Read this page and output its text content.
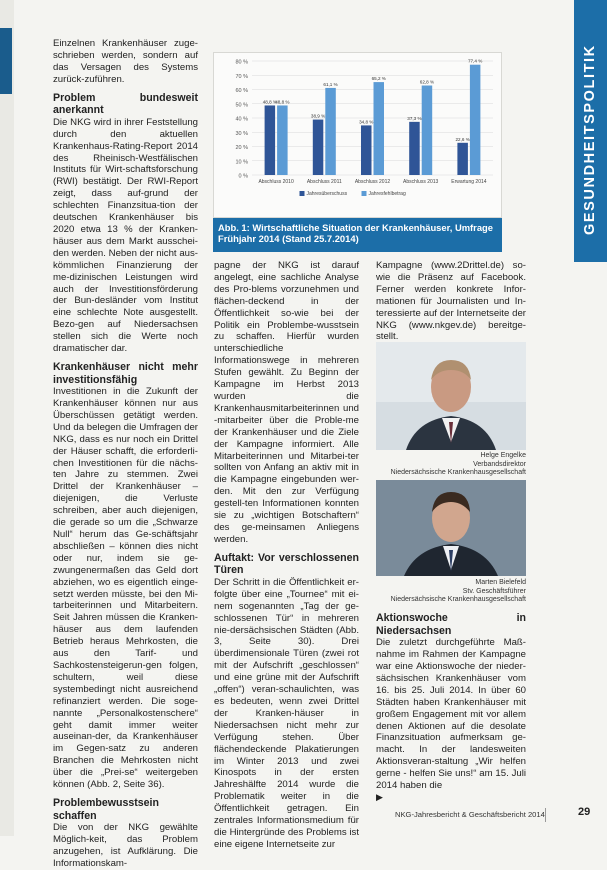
GESUNDHEITSPOLITIK

Einzelnen Krankenhäuser zuge-schrieben werden, sondern auf das Versagen des Systems zurück-zuführen.

Problem bundesweit anerkannt

Die NKG wird in ihrer Feststellung durch den aktuellen Krankenhaus-Rating-Report 2014 des Rheinisch-Westfälischen Instituts für Wirt-schaftsforschung (RWI) bestätigt. Der RWI-Report zeigt, dass auf-grund der schlechten Finanzsitua-tion der deutschen Krankenhäuser bis 2020 etwa 13 % der Kranken-häuser aus dem Markt ausschei-den werden. Neben der nicht aus-kömmlichen Finanzierung der me-dizinischen Leistungen wird auch der Investitionsförderung der Bun-desländer vom Institut eine schlechte Note ausgestellt. Bezo-gen auf Niedersachsen stellen sich die Werte noch dramatischer dar.

Krankenhäuser nicht mehr investitionsfähig

Investitionen in die Zukunft der Krankenhäuser können nur aus Überschüssen getätigt werden. Und da belegen die Umfragen der NKG, dass es nur noch ein Drittel der Häuser schafft, die erforderli-chen Investitionen für die nächs-ten Jahre zu stemmen. Zwei Drittel der Krankenhäuser – diejenigen, die Verluste schreiben, aber auch diejenigen, die gerade so um die „Schwarze Null“ herum das Ge-schäftsjahr abschließen – können dies nicht oder nur, indem sie ge-zwungenermaßen das Geld dort abziehen, wo es eigentlich einge-setzt werden müsste, bei den Mi-tarbeiterinnen und Mitarbeitern. Seit Jahren müssen die Kranken-häuser aus dem laufenden Betrieb heraus Mehrkosten, die aus den Tarif- und Sachkostensteigerun-gen folgen, schultern, weil diese systembedingt nicht ausreichend refinanziert werden. Die soge-nannte „Personalkostenschere“ geht damit immer weiter auseinan-der, da Krankenhäuser im Gegen-satz zu anderen Branchen die Mehrkosten nicht über die „Prei-se“ weitergeben können (Abb. 2, Seite 36).

Problembewusstsein schaffen

Die von der NKG gewählte Möglich-keit, das Problem anzugehen, ist Aufklärung. Die Informationskam-

0 %
10 %
20 %
30 %
40 %
50 %
60 %
70 %
80 %
48,8 %
48,8 %
Abschluss 2010
38,9 %
61,1 %
Abschluss 2011
34,8 %
65,2 %
Abschluss 2012
37,3 %
62,8 %
Abschluss 2013
22,6 %
77,4 %
Erwartung 2014
Jahresüberschuss	Jahresfehlbetrag
Abb. 1: Wirtschaftliche Situation der Krankenhäuser, Umfrage Frühjahr 2014 (Stand 25.7.2014)

pagne der NKG ist darauf angelegt, eine sachliche Analyse des Pro-blems vorzunehmen und flächen-deckend in der Öffentlichkeit so-wie bei der Politik ein Problembe-wusstsein zu schaffen. Hierfür wurden unterschiedliche Informationswege in mehreren Stufen gewählt. Zu Beginn der Kampagne im Herbst 2013 wurden die Krankenhausmitarbeiterinnen und -mitarbeiter über die Proble-me der Krankenhäuser und die Ziele der Kampagne informiert. Alle Mitarbeiterinnen und Mitarbei-ter sollten von Anfang an aktiv mit in die Kampagne eingebunden wer-den. Mit den zur Verfügung gestell-ten Informationen konnten sie zu „wichtigen Botschaftern“ des ge-meinsamen Anliegens werden.

Auftakt: Vor verschlossenen Türen

Der Schritt in die Öffentlichkeit er-folgte über eine „Tournee“ mit ei-nem sogenannten „Tag der ge-schlossenen Tür“ in mehreren nie-dersächsischen Städten (Abb. 3, Seite 30). Drei überdimensionale Türen (zwei rot mit der Aufschrift „geschlossen“ und eine grüne mit der Aufschrift „offen“) veran-schaulichten, was es bedeuten, wenn zwei Drittel der Kranken-häuser in Niedersachsen nicht mehr zur Verfügung stehen. Über flächendeckende Plakatierungen im Winter 2013 und zwei Kinospots in der ersten Jahreshälfte 2014 wurde die Problematik weiter in die Öffentlichkeit getragen. Ein zentrales Informationsmedium für die Hintergründe des Problems ist eine eigene Internetseite zur

Kampagne (www.2Drittel.de) so-wie die Präsenz auf Facebook. Ferner werden konkrete Infor-mationen für Journalisten und In-teressierte auf der Internetseite der NKG (www.nkgev.de) bereitge-stellt.

Helge Engelke
Verbandsdirektor
Niedersächsische Krankenhausgesellschaft
Marten Bielefeld
Stv. Geschäftsführer
Niedersächsische Krankenhausgesellschaft
Aktionswoche in Niedersachsen

Die zuletzt durchgeführte Maß-nahme im Rahmen der Kampagne war eine Aktionswoche der nieder-sächsischen Krankenhäuser vom 16. bis 25. Juli 2014. In über 60 Städten haben Krankenhäuser mit großem Engagement mit vor allem denen Aktionen auf die desolate Finanzsituation aufmerksam ge-macht. In der landesweiten Aktionsveran-staltung „Wir helfen gerne - helfen Sie uns!“ am 15. Juli 2014 haben die

▶
NKG-Jahresbericht & Geschäftsbericht 2014	29
